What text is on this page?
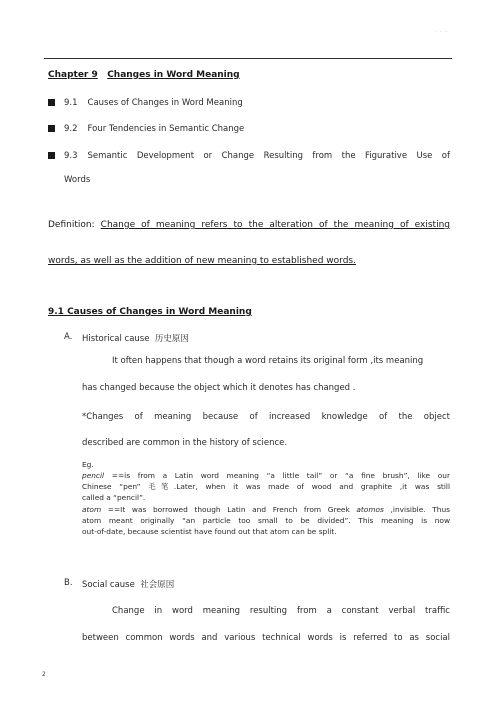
. . .
Chapter 9 Changes in Word Meaning
9.1 Causes of Changes in Word Meaning
9.2 Four Tendencies in Semantic Change
9.3 Semantic Development or Change Resulting from the Figurative Use of
Words
Definition: Change of meaning refers to the alteration of the meaning of existing
words, as well as the addition of new meaning to established words.
9.1 Causes of Changes in Word Meaning
A. Historical cause 历史原因
It often happens that though a word retains its original form ,its meaning
has changed because the object which it denotes has changed .
*Changes of meaning because of increased knowledge of the object
described are common in the history of science.
Eg.
pencil ==is from a Latin word meaning “a little tail” or “a fine brush”, like our
Chinese “pen” 毛笔.Later, when it was made of wood and graphite ,it was still
called a “pencil”.
atom ==It was borrowed though Latin and French from Greek atomos ,invisible. Thus
atom meant originally “an particle too small to be divided”. This meaning is now
out-of-date, because scientist have found out that atom can be split.
B. Social cause 社会原因
Change in word meaning resulting from a constant verbal traffic
between common words and various technical words is referred to as social
2
